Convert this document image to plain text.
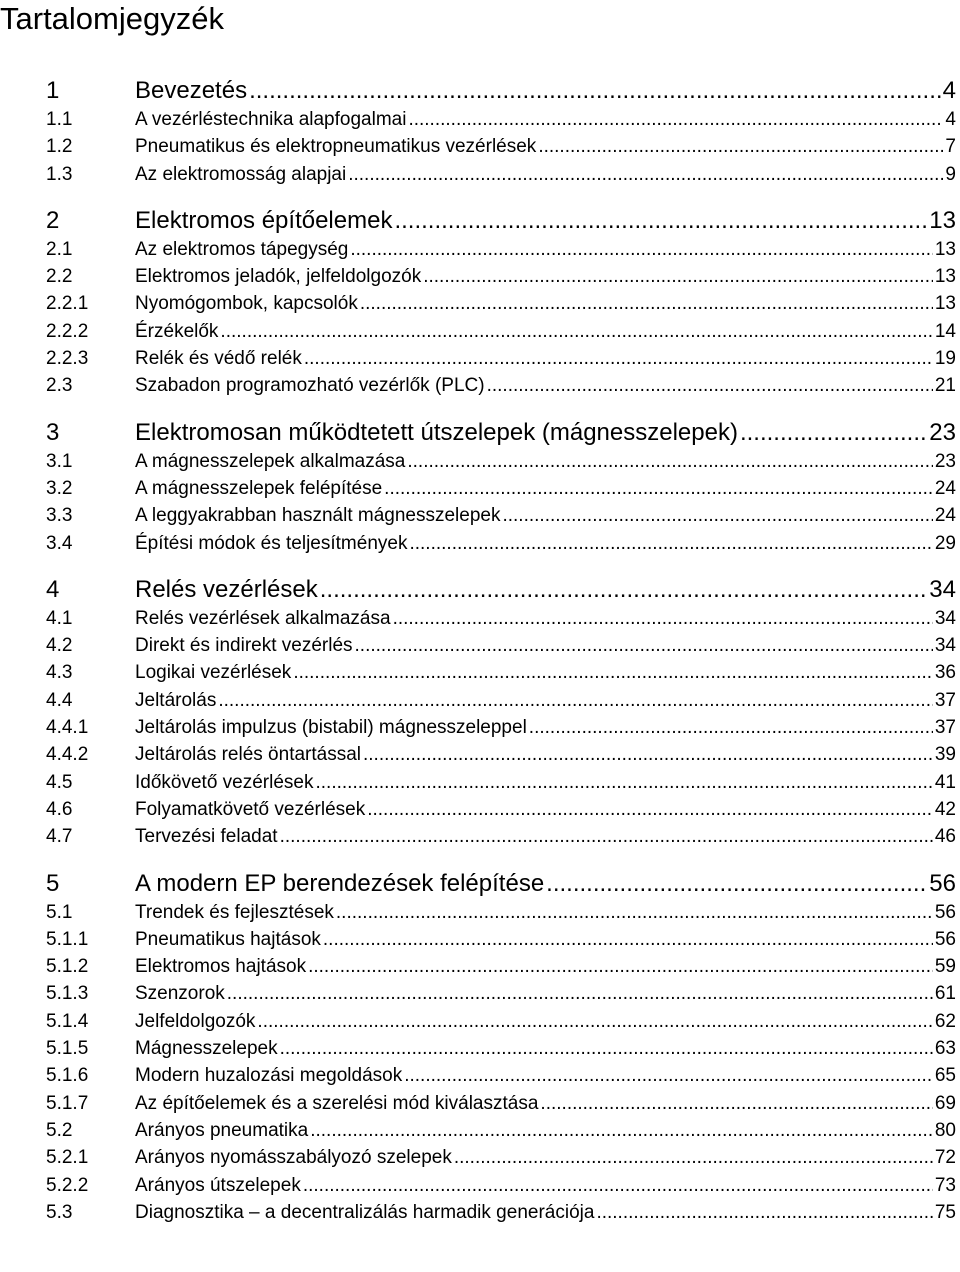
Tartalomjegyzék
1	Bevezetés .....	4
1.1	A vezérléstechnika alapfogalmai .....	4
1.2	Pneumatikus és elektropneumatikus vezérlések .....	7
1.3	Az elektromosság alapjai .....	9
2	Elektromos építőelemek .....	13
2.1	Az elektromos tápegység .....	13
2.2	Elektromos jeladók, jelfeldolgozók .....	13
2.2.1	Nyomógombok, kapcsolók .....	13
2.2.2	Érzékelők .....	14
2.2.3	Relék és védő relék .....	19
2.3	Szabadon programozható vezérlők (PLC) .....	21
3	Elektromosan működtetett útszelepek (mágnesszelepek) .....	23
3.1	A mágnesszelepek alkalmazása .....	23
3.2	A mágnesszelepek felépítése .....	24
3.3	A leggyakrabban használt mágnesszelepek .....	24
3.4	Építési módok és teljesítmények .....	29
4	Relés vezérlések .....	34
4.1	Relés vezérlések alkalmazása .....	34
4.2	Direkt és indirekt vezérlés .....	34
4.3	Logikai vezérlések .....	36
4.4	Jeltárolás .....	37
4.4.1	Jeltárolás impulzus (bistabil) mágnesszeleppel .....	37
4.4.2	Jeltárolás relés öntartással .....	39
4.5	Időkövető vezérlések .....	41
4.6	Folyamatkövető vezérlések .....	42
4.7	Tervezési feladat .....	46
5	A modern EP berendezések felépítése .....	56
5.1	Trendek és fejlesztések .....	56
5.1.1	Pneumatikus hajtások .....	56
5.1.2	Elektromos hajtások .....	59
5.1.3	Szenzorok .....	61
5.1.4	Jelfeldolgozók .....	62
5.1.5	Mágnesszelepek .....	63
5.1.6	Modern huzalozási megoldások .....	65
5.1.7	Az építőelemek és a szerelési mód kiválasztása .....	69
5.2	Arányos pneumatika .....	80
5.2.1	Arányos nyomásszabályozó szelepek .....	72
5.2.2	Arányos útszelepek .....	73
5.3	Diagnosztika – a decentralizálás harmadik generációja .....	75
